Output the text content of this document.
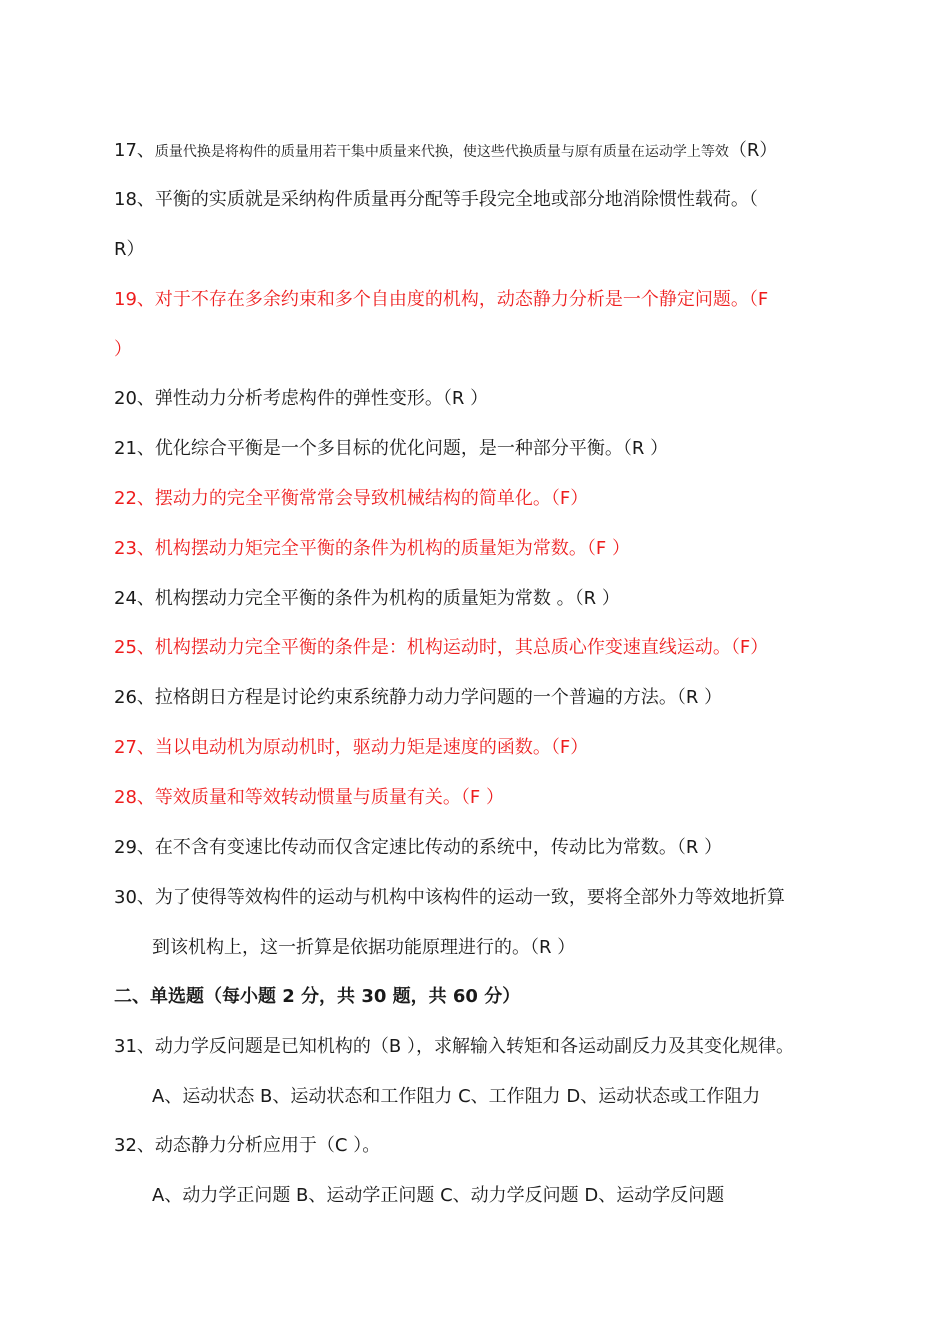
17、质量代换是将构件的质量用若干集中质量来代换，使这些代换质量与原有质量在运动学上等效（R）
18、平衡的实质就是采纳构件质量再分配等手段完全地或部分地消除惯性载荷。（
R）
19、对于不存在多余约束和多个自由度的机构，动态静力分析是一个静定问题。（F
）
20、弹性动力分析考虑构件的弹性变形。（R ）
21、优化综合平衡是一个多目标的优化问题，是一种部分平衡。（R ）
22、摆动力的完全平衡常常会导致机械结构的简单化。（F）
23、机构摆动力矩完全平衡的条件为机构的质量矩为常数。（F ）
24、机构摆动力完全平衡的条件为机构的质量矩为常数 。（R ）
25、机构摆动力完全平衡的条件是：机构运动时，其总质心作变速直线运动。（F）
26、拉格朗日方程是讨论约束系统静力动力学问题的一个普遍的方法。（R ）
27、当以电动机为原动机时，驱动力矩是速度的函数。（F）
28、等效质量和等效转动惯量与质量有关。（F ）
29、在不含有变速比传动而仅含定速比传动的系统中，传动比为常数。（R ）
30、为了使得等效构件的运动与机构中该构件的运动一致，要将全部外力等效地折算
到该机构上，这一折算是依据功能原理进行的。（R ）
二、单选题（每小题 2 分，共 30 题，共 60 分）
31、动力学反问题是已知机构的（B ），求解输入转矩和各运动副反力及其变化规律。
A、运动状态 B、运动状态和工作阻力 C、工作阻力 D、运动状态或工作阻力
32、动态静力分析应用于（C ）。
A、动力学正问题 B、运动学正问题 C、动力学反问题 D、运动学反问题
